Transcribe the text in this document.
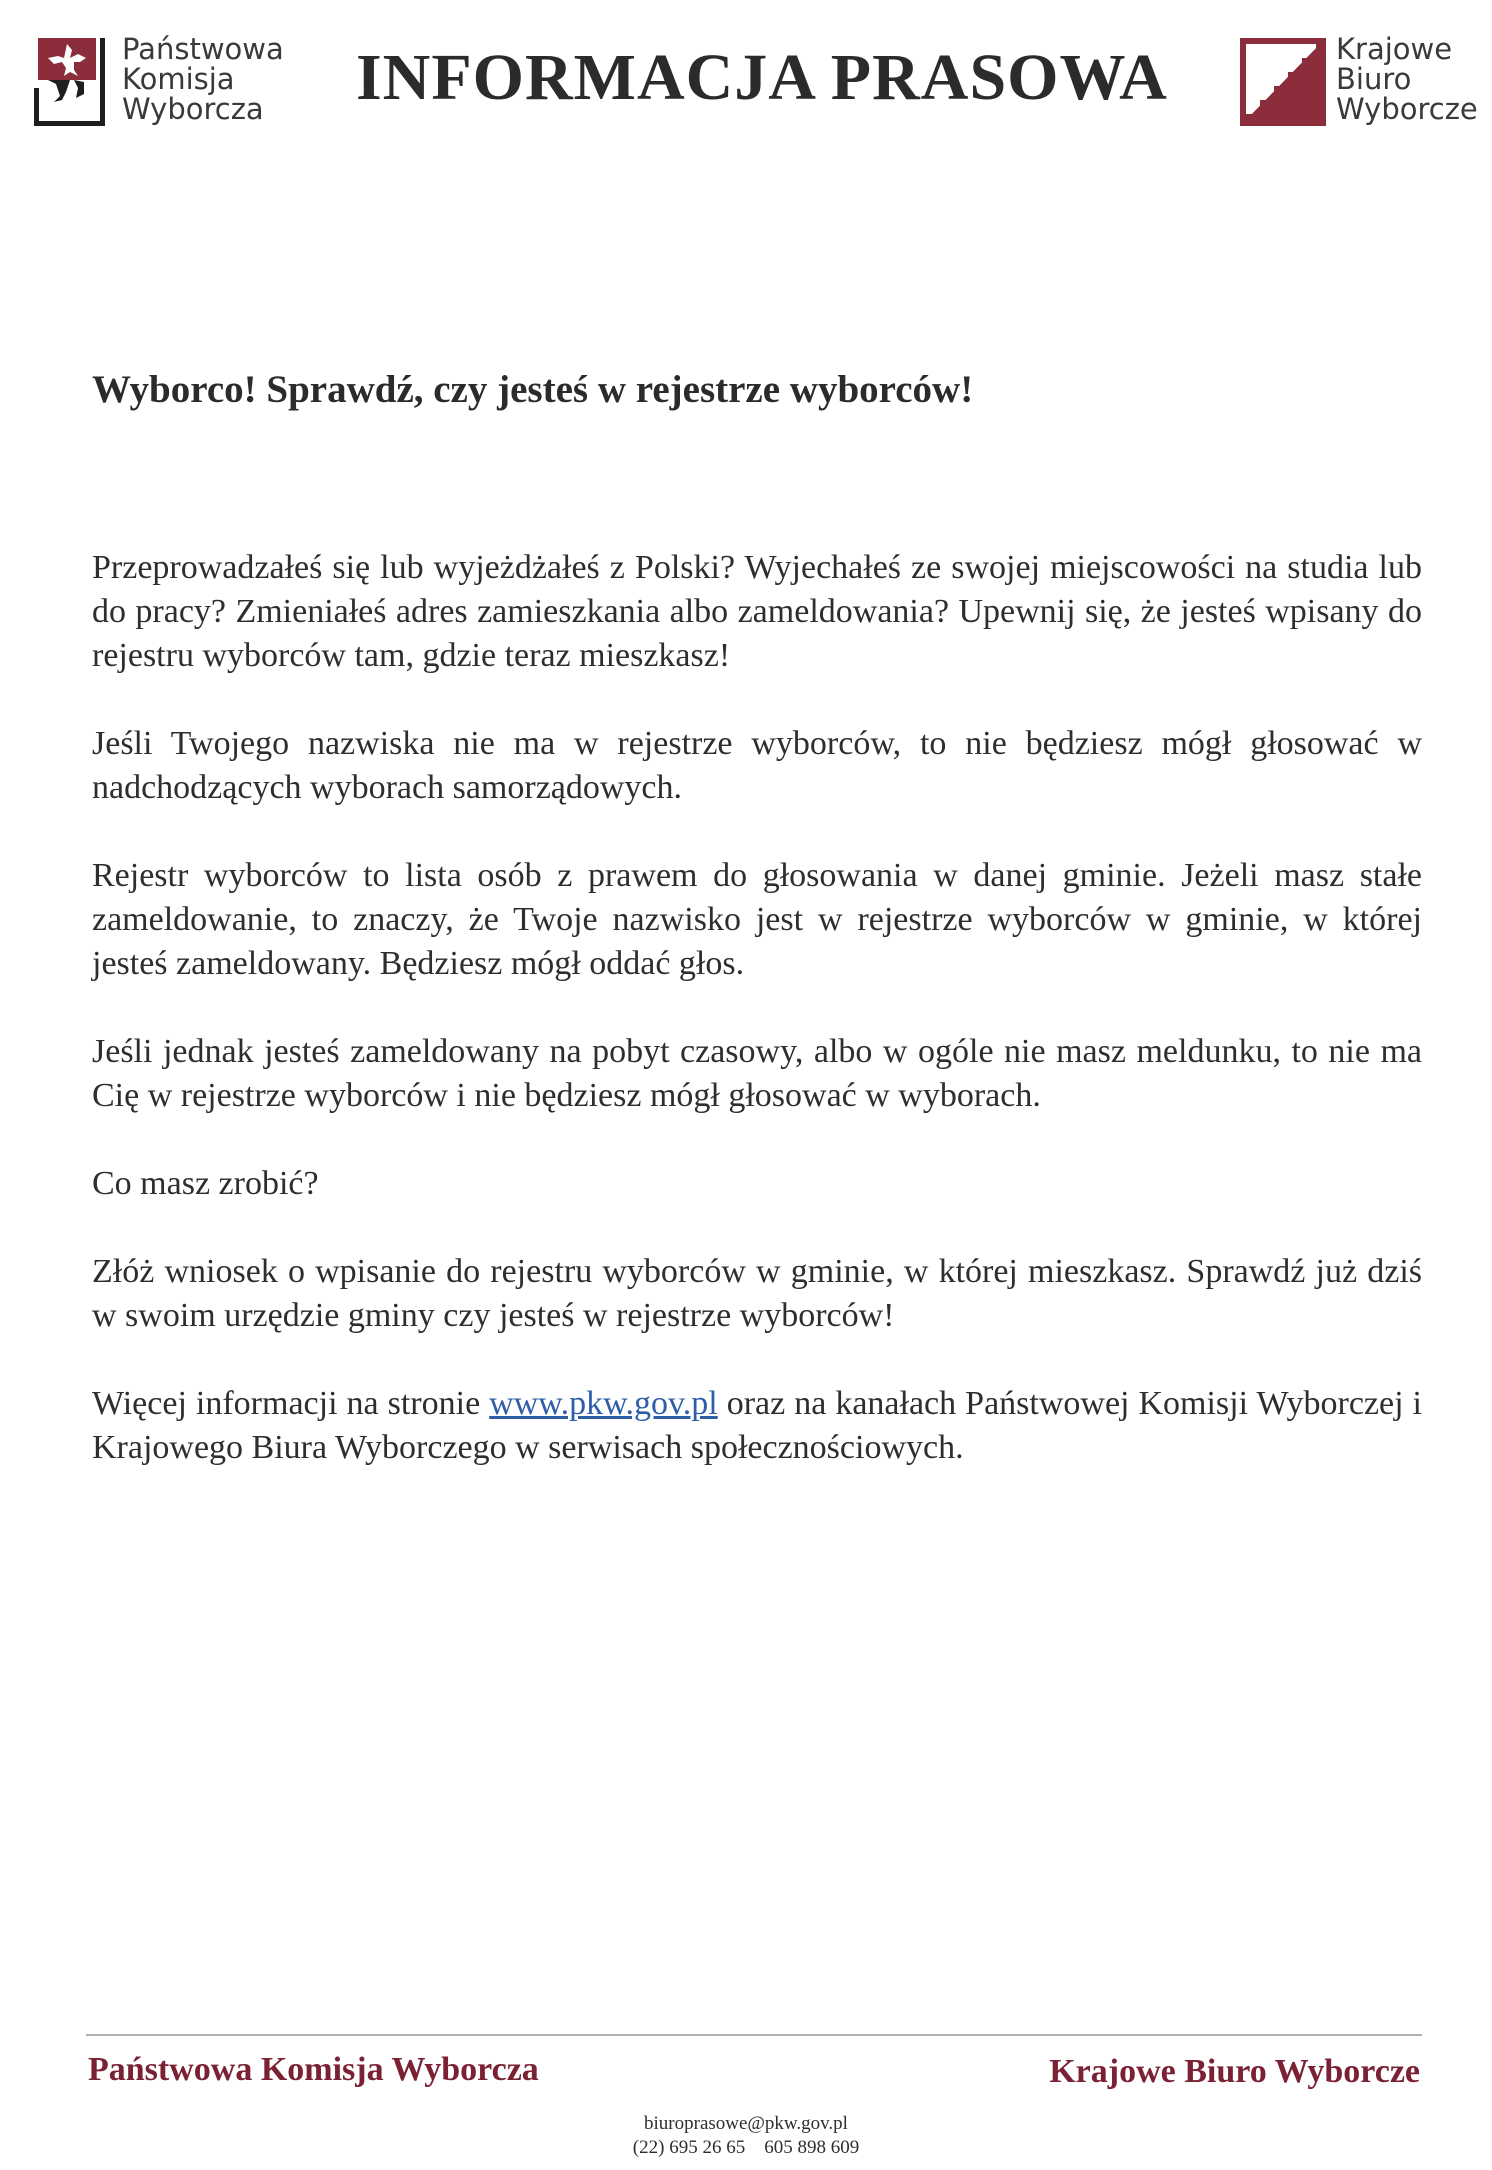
Państwowa
Komisja
Wyborcza	INFORMACJA PRASOWA	Krajowe
Biuro
Wyborcze
Wyborco! Sprawdź, czy jesteś w rejestrze wyborców!

Przeprowadzałeś się lub wyjeżdżałeś z Polski? Wyjechałeś ze swojej miejscowości na studia lub do pracy? Zmieniałeś adres zamieszkania albo zameldowania? Upewnij się, że jesteś wpisany do rejestru wyborców tam, gdzie teraz mieszkasz!

Jeśli Twojego nazwiska nie ma w rejestrze wyborców, to nie będziesz mógł głosować w nadchodzących wyborach samorządowych.

Rejestr wyborców to lista osób z prawem do głosowania w danej gminie. Jeżeli masz stałe zameldowanie, to znaczy, że Twoje nazwisko jest w rejestrze wyborców w gminie, w której jesteś zameldowany. Będziesz mógł oddać głos.

Jeśli jednak jesteś zameldowany na pobyt czasowy, albo w ogóle nie masz meldunku, to nie ma Cię w rejestrze wyborców i nie będziesz mógł głosować w wyborach.

Co masz zrobić?

Złóż wniosek o wpisanie do rejestru wyborców w gminie, w której mieszkasz. Sprawdź już dziś w swoim urzędzie gminy czy jesteś w rejestrze wyborców!

Więcej informacji na stronie www.pkw.gov.pl oraz na kanałach Państwowej Komisji Wyborczej i Krajowego Biura Wyborczego w serwisach społecznościowych.

Państwowa Komisja Wyborcza	Krajowe Biuro Wyborcze
biuroprasowe@pkw.gov.pl
(22) 695 26 65    605 898 609
